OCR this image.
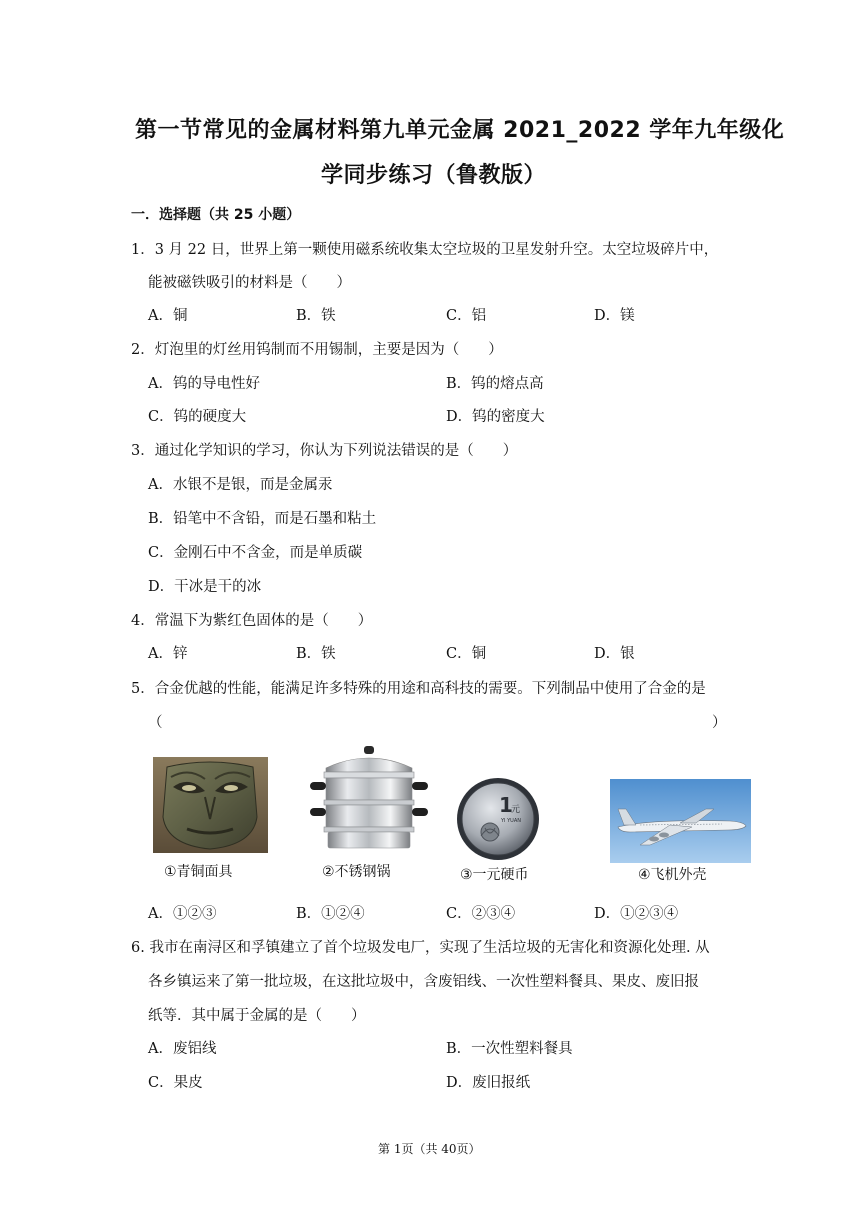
第一节常见的金属材料第九单元金属 2021_2022 学年九年级化
学同步练习（鲁教版）
一．选择题（共 25 小题）
1．3 月 22 日，世界上第一颗使用磁系统收集太空垃圾的卫星发射升空。太空垃圾碎片中，
能被磁铁吸引的材料是（　　）
A．铜	B．铁	C．铝	D．镁
2．灯泡里的灯丝用钨制而不用锡制，主要是因为（　　）
A．钨的导电性好	B．钨的熔点高
C．钨的硬度大	D．钨的密度大
3．通过化学知识的学习，你认为下列说法错误的是（　　）
A．水银不是银，而是金属汞
B．铅笔中不含铅，而是石墨和粘土
C．金刚石中不含金，而是单质碳
D．干冰是干的冰
4．常温下为紫红色固体的是（　　）
A．锌	B．铁	C．铜	D．银
5．合金优越的性能，能满足许多特殊的用途和高科技的需要。下列制品中使用了合金的是
（	）
①青铜面具	②不锈钢锅
1
元
YI YUAN
③一元硬币	④飞机外壳
A．①②③	B．①②④	C．②③④	D．①②③④
6. 我市在南浔区和孚镇建立了首个垃圾发电厂，实现了生活垃圾的无害化和资源化处理. 从
各乡镇运来了第一批垃圾，在这批垃圾中，含废铝线、一次性塑料餐具、果皮、废旧报
纸等．其中属于金属的是（　　）
A．废铝线	B．一次性塑料餐具
C．果皮	D．废旧报纸
第 1页（共 40页）
